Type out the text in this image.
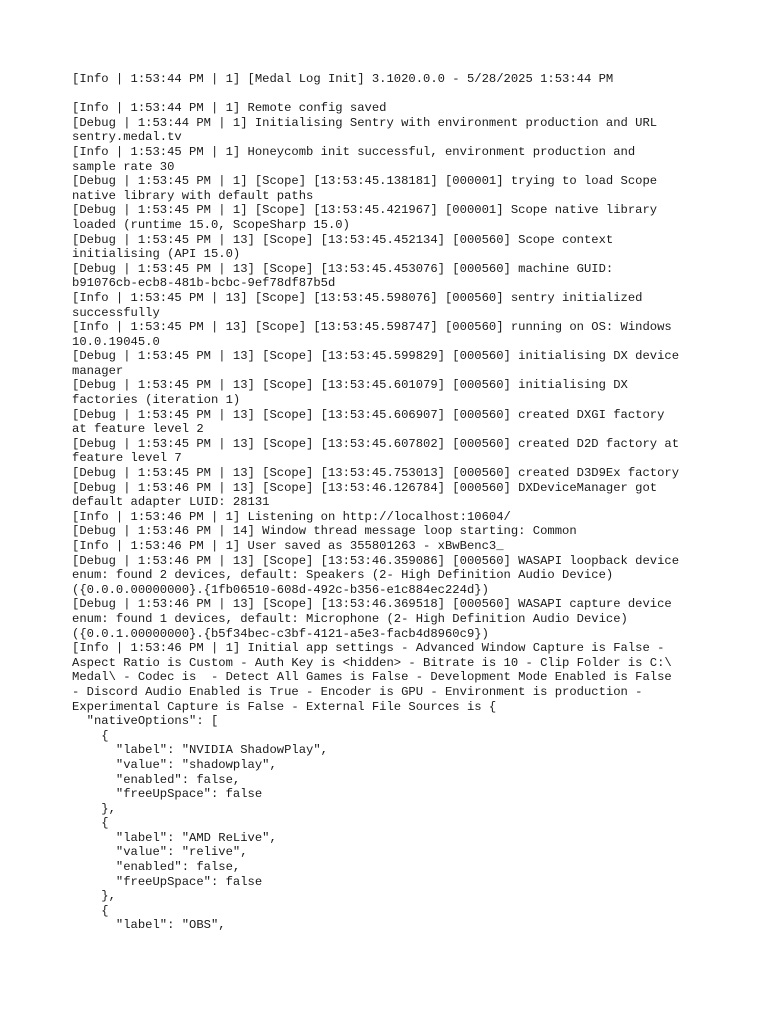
[Info | 1:53:44 PM | 1] [Medal Log Init] 3.1020.0.0 - 5/28/2025 1:53:44 PM
[Info | 1:53:44 PM | 1] Remote config saved
[Debug | 1:53:44 PM | 1] Initialising Sentry with environment production and URL
sentry.medal.tv
[Info | 1:53:45 PM | 1] Honeycomb init successful, environment production and
sample rate 30
[Debug | 1:53:45 PM | 1] [Scope] [13:53:45.138181] [000001] trying to load Scope
native library with default paths
[Debug | 1:53:45 PM | 1] [Scope] [13:53:45.421967] [000001] Scope native library
loaded (runtime 15.0, ScopeSharp 15.0)
[Debug | 1:53:45 PM | 13] [Scope] [13:53:45.452134] [000560] Scope context
initialising (API 15.0)
[Debug | 1:53:45 PM | 13] [Scope] [13:53:45.453076] [000560] machine GUID:
b91076cb-ecb8-481b-bcbc-9ef78df87b5d
[Info | 1:53:45 PM | 13] [Scope] [13:53:45.598076] [000560] sentry initialized
successfully
[Info | 1:53:45 PM | 13] [Scope] [13:53:45.598747] [000560] running on OS: Windows
10.0.19045.0
[Debug | 1:53:45 PM | 13] [Scope] [13:53:45.599829] [000560] initialising DX device
manager
[Debug | 1:53:45 PM | 13] [Scope] [13:53:45.601079] [000560] initialising DX
factories (iteration 1)
[Debug | 1:53:45 PM | 13] [Scope] [13:53:45.606907] [000560] created DXGI factory
at feature level 2
[Debug | 1:53:45 PM | 13] [Scope] [13:53:45.607802] [000560] created D2D factory at
feature level 7
[Debug | 1:53:45 PM | 13] [Scope] [13:53:45.753013] [000560] created D3D9Ex factory
[Debug | 1:53:46 PM | 13] [Scope] [13:53:46.126784] [000560] DXDeviceManager got
default adapter LUID: 28131
[Info | 1:53:46 PM | 1] Listening on http://localhost:10604/
[Debug | 1:53:46 PM | 14] Window thread message loop starting: Common
[Info | 1:53:46 PM | 1] User saved as 355801263 - xBwBenc3_
[Debug | 1:53:46 PM | 13] [Scope] [13:53:46.359086] [000560] WASAPI loopback device
enum: found 2 devices, default: Speakers (2- High Definition Audio Device)
({0.0.0.00000000}.{1fb06510-608d-492c-b356-e1c884ec224d})
[Debug | 1:53:46 PM | 13] [Scope] [13:53:46.369518] [000560] WASAPI capture device
enum: found 1 devices, default: Microphone (2- High Definition Audio Device)
({0.0.1.00000000}.{b5f34bec-c3bf-4121-a5e3-facb4d8960c9})
[Info | 1:53:46 PM | 1] Initial app settings - Advanced Window Capture is False -
Aspect Ratio is Custom - Auth Key is <hidden> - Bitrate is 10 - Clip Folder is C:\
Medal\ - Codec is  - Detect All Games is False - Development Mode Enabled is False
- Discord Audio Enabled is True - Encoder is GPU - Environment is production -
Experimental Capture is False - External File Sources is {
"nativeOptions": [
{
"label": "NVIDIA ShadowPlay",
"value": "shadowplay",
"enabled": false,
"freeUpSpace": false
},
{
"label": "AMD ReLive",
"value": "relive",
"enabled": false,
"freeUpSpace": false
},
{
"label": "OBS",
